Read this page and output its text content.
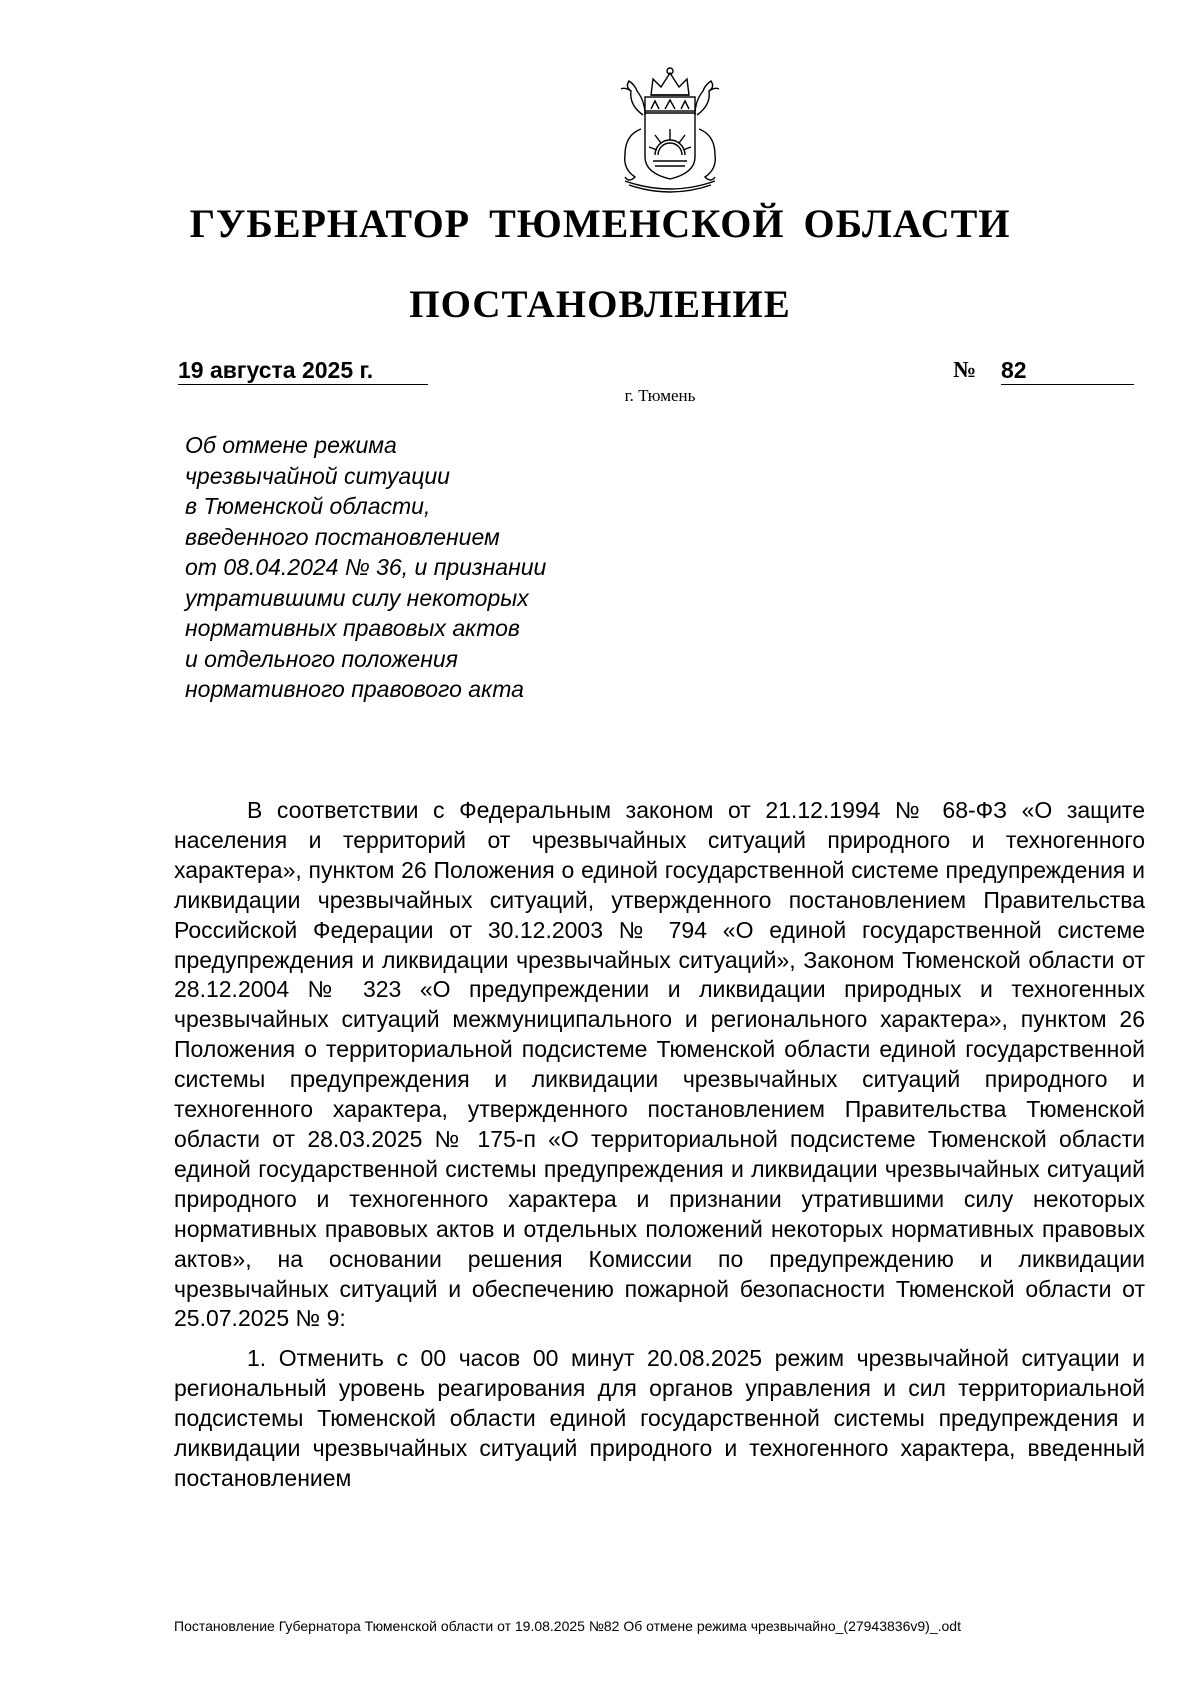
ГУБЕРНАТОР ТЮМЕНСКОЙ ОБЛАСТИ
ПОСТАНОВЛЕНИЕ
19 августа 2025 г.	№ 82
г. Тюмень
Об отмене режима
чрезвычайной ситуации
в Тюменской области,
введенного постановлением
от 08.04.2024 № 36, и признании
утратившими силу некоторых
нормативных правовых актов
и отдельного положения
нормативного правового акта

В соответствии с Федеральным законом от 21.12.1994 № 68-ФЗ «О защите населения и территорий от чрезвычайных ситуаций природного и техногенного характера», пунктом 26 Положения о единой государственной системе предупреждения и ликвидации чрезвычайных ситуаций, утвержденного постановлением Правительства Российской Федерации от 30.12.2003 № 794 «О единой государственной системе предупреждения и ликвидации чрезвычайных ситуаций», Законом Тюменской области от 28.12.2004 № 323 «О предупреждении и ликвидации природных и техногенных чрезвычайных ситуаций межмуниципального и регионального характера», пунктом 26 Положения о территориальной подсистеме Тюменской области единой государственной системы предупреждения и ликвидации чрезвычайных ситуаций природного и техногенного характера, утвержденного постановлением Правительства Тюменской области от 28.03.2025 № 175-п «О территориальной подсистеме Тюменской области единой государственной системы предупреждения и ликвидации чрезвычайных ситуаций природного и техногенного характера и признании утратившими силу некоторых нормативных правовых актов и отдельных положений некоторых нормативных правовых актов», на основании решения Комиссии по предупреждению и ликвидации чрезвычайных ситуаций и обеспечению пожарной безопасности Тюменской области от 25.07.2025 № 9:

1. Отменить с 00 часов 00 минут 20.08.2025 режим чрезвычайной ситуации и региональный уровень реагирования для органов управления и сил территориальной подсистемы Тюменской области единой государственной системы предупреждения и ликвидации чрезвычайных ситуаций природного и техногенного характера, введенный постановлением

Постановление Губернатора Тюменской области от 19.08.2025 №82 Об отмене режима чрезвычайно_(27943836v9)_.odt
